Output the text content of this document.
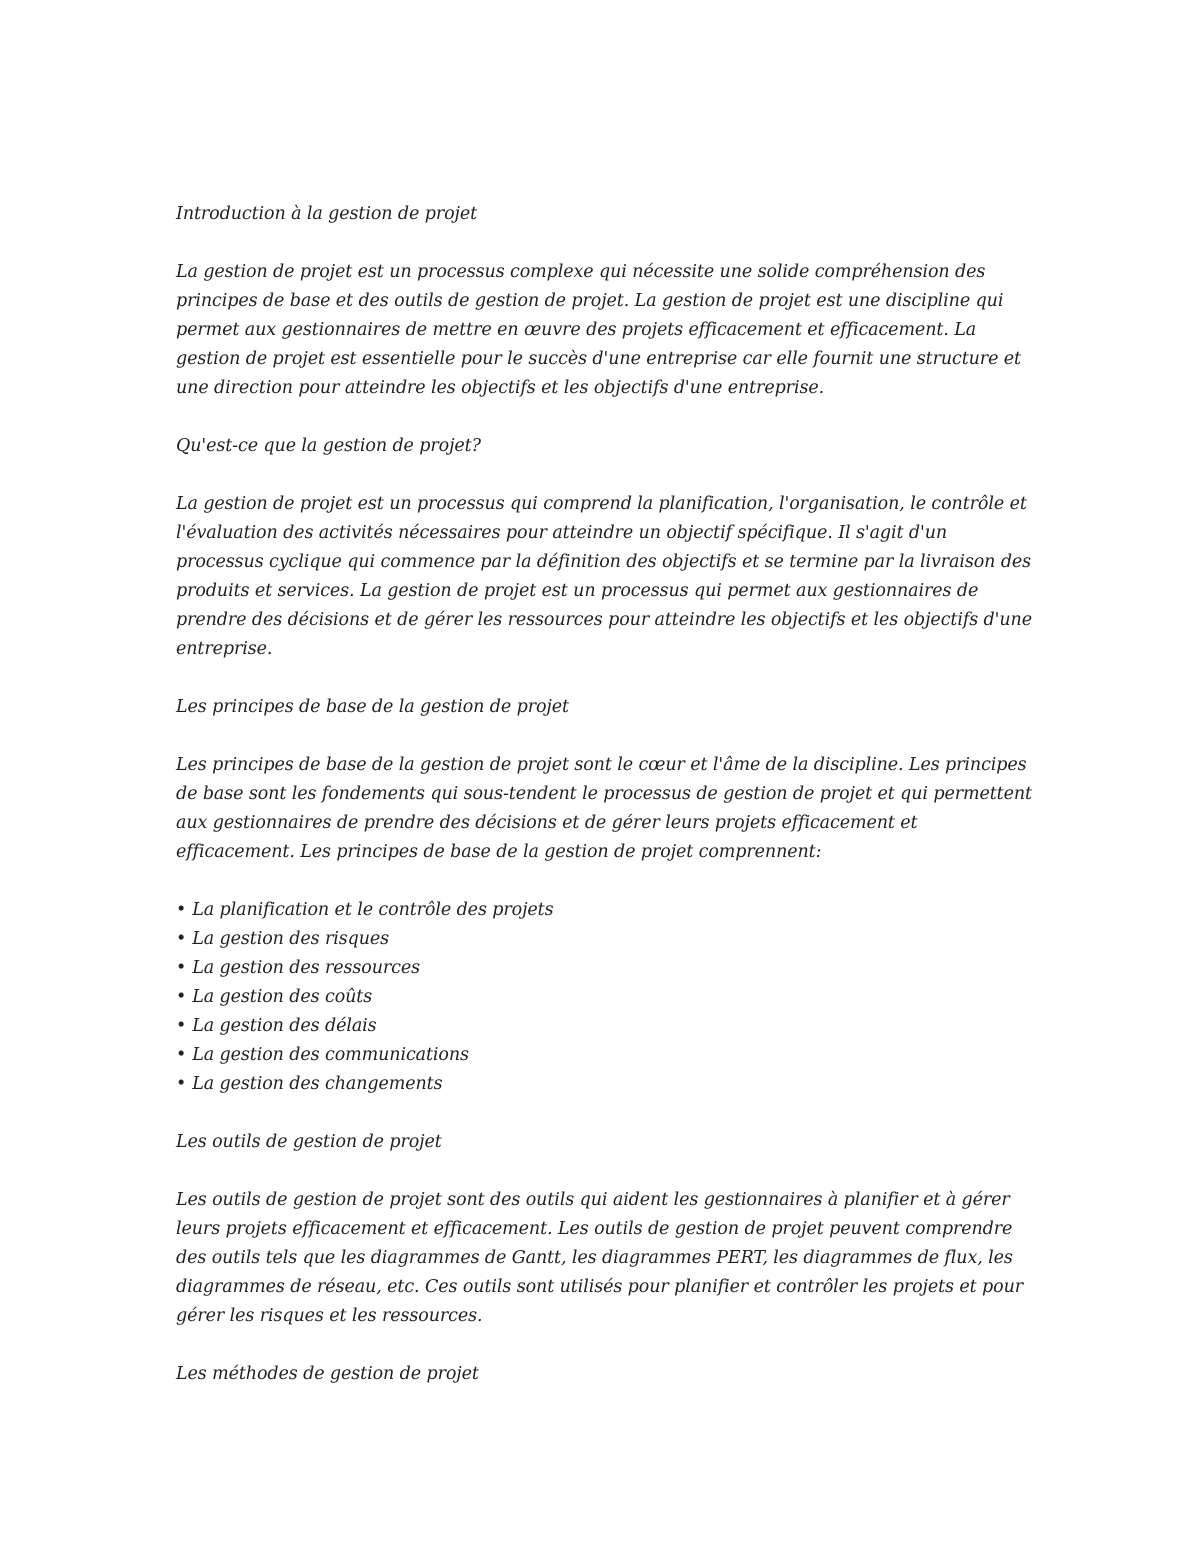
Introduction à la gestion de projet

La gestion de projet est un processus complexe qui nécessite une solide compréhension des principes de base et des outils de gestion de projet. La gestion de projet est une discipline qui permet aux gestionnaires de mettre en œuvre des projets efficacement et efficacement. La gestion de projet est essentielle pour le succès d'une entreprise car elle fournit une structure et une direction pour atteindre les objectifs et les objectifs d'une entreprise.

Qu'est-ce que la gestion de projet?

La gestion de projet est un processus qui comprend la planification, l'organisation, le contrôle et l'évaluation des activités nécessaires pour atteindre un objectif spécifique. Il s'agit d'un processus cyclique qui commence par la définition des objectifs et se termine par la livraison des produits et services. La gestion de projet est un processus qui permet aux gestionnaires de prendre des décisions et de gérer les ressources pour atteindre les objectifs et les objectifs d'une entreprise.

Les principes de base de la gestion de projet

Les principes de base de la gestion de projet sont le cœur et l'âme de la discipline. Les principes de base sont les fondements qui sous-tendent le processus de gestion de projet et qui permettent aux gestionnaires de prendre des décisions et de gérer leurs projets efficacement et efficacement. Les principes de base de la gestion de projet comprennent:

• La planification et le contrôle des projets
• La gestion des risques
• La gestion des ressources
• La gestion des coûts
• La gestion des délais
• La gestion des communications
• La gestion des changements

Les outils de gestion de projet

Les outils de gestion de projet sont des outils qui aident les gestionnaires à planifier et à gérer leurs projets efficacement et efficacement. Les outils de gestion de projet peuvent comprendre des outils tels que les diagrammes de Gantt, les diagrammes PERT, les diagrammes de flux, les diagrammes de réseau, etc. Ces outils sont utilisés pour planifier et contrôler les projets et pour gérer les risques et les ressources.

Les méthodes de gestion de projet
